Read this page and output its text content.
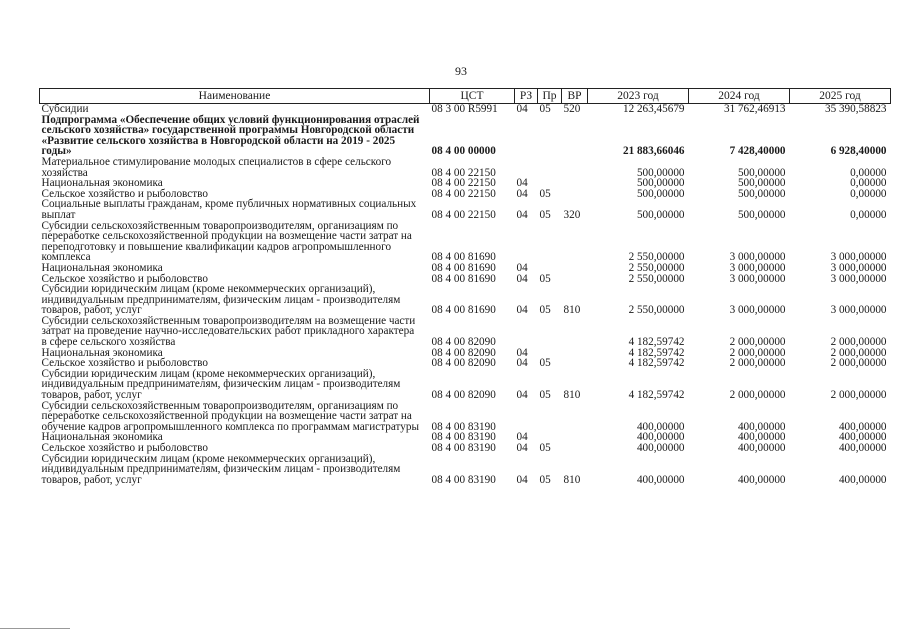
93
Наименование	ЦСТ	РЗ	Пр	ВР	2023 год	2024 год	2025 год
Субсидии	08 3 00 R5991	04	05	520	12 263,45679	31 762,46913	35 390,58823
Подпрограмма «Обеспечение общих условий функционирования отраслей сельского хозяйства» государственной программы Новгородской области «Развитие сельского хозяйства в Новгородской области на 2019 - 2025 годы»	08 4 00 00000				21 883,66046	7 428,40000	6 928,40000
Материальное стимулирование молодых специалистов в сфере сельского хозяйства	08 4 00 22150				500,00000	500,00000	0,00000
Национальная экономика	08 4 00 22150	04			500,00000	500,00000	0,00000
Сельское хозяйство и рыболовство	08 4 00 22150	04	05		500,00000	500,00000	0,00000
Социальные выплаты гражданам, кроме публичных нормативных социальных выплат	08 4 00 22150	04	05	320	500,00000	500,00000	0,00000
Субсидии сельскохозяйственным товаропроизводителям, организациям по переработке сельскохозяйственной продукции на возмещение части затрат на переподготовку и повышение квалификации кадров агропромышленного комплекса	08 4 00 81690				2 550,00000	3 000,00000	3 000,00000
Национальная экономика	08 4 00 81690	04			2 550,00000	3 000,00000	3 000,00000
Сельское хозяйство и рыболовство	08 4 00 81690	04	05		2 550,00000	3 000,00000	3 000,00000
Субсидии юридическим лицам (кроме некоммерческих организаций), индивидуальным предпринимателям, физическим лицам - производителям товаров, работ, услуг	08 4 00 81690	04	05	810	2 550,00000	3 000,00000	3 000,00000
Субсидии сельскохозяйственным товаропроизводителям на возмещение части затрат на проведение научно-исследовательских работ прикладного характера в сфере сельского хозяйства	08 4 00 82090				4 182,59742	2 000,00000	2 000,00000
Национальная экономика	08 4 00 82090	04			4 182,59742	2 000,00000	2 000,00000
Сельское хозяйство и рыболовство	08 4 00 82090	04	05		4 182,59742	2 000,00000	2 000,00000
Субсидии юридическим лицам (кроме некоммерческих организаций), индивидуальным предпринимателям, физическим лицам - производителям товаров, работ, услуг	08 4 00 82090	04	05	810	4 182,59742	2 000,00000	2 000,00000
Субсидии сельскохозяйственным товаропроизводителям, организациям по переработке сельскохозяйственной продукции на возмещение части затрат на обучение кадров агропромышленного комплекса по программам магистратуры	08 4 00 83190				400,00000	400,00000	400,00000
Национальная экономика	08 4 00 83190	04			400,00000	400,00000	400,00000
Сельское хозяйство и рыболовство	08 4 00 83190	04	05		400,00000	400,00000	400,00000
Субсидии юридическим лицам (кроме некоммерческих организаций), индивидуальным предпринимателям, физическим лицам - производителям товаров, работ, услуг	08 4 00 83190	04	05	810	400,00000	400,00000	400,00000
